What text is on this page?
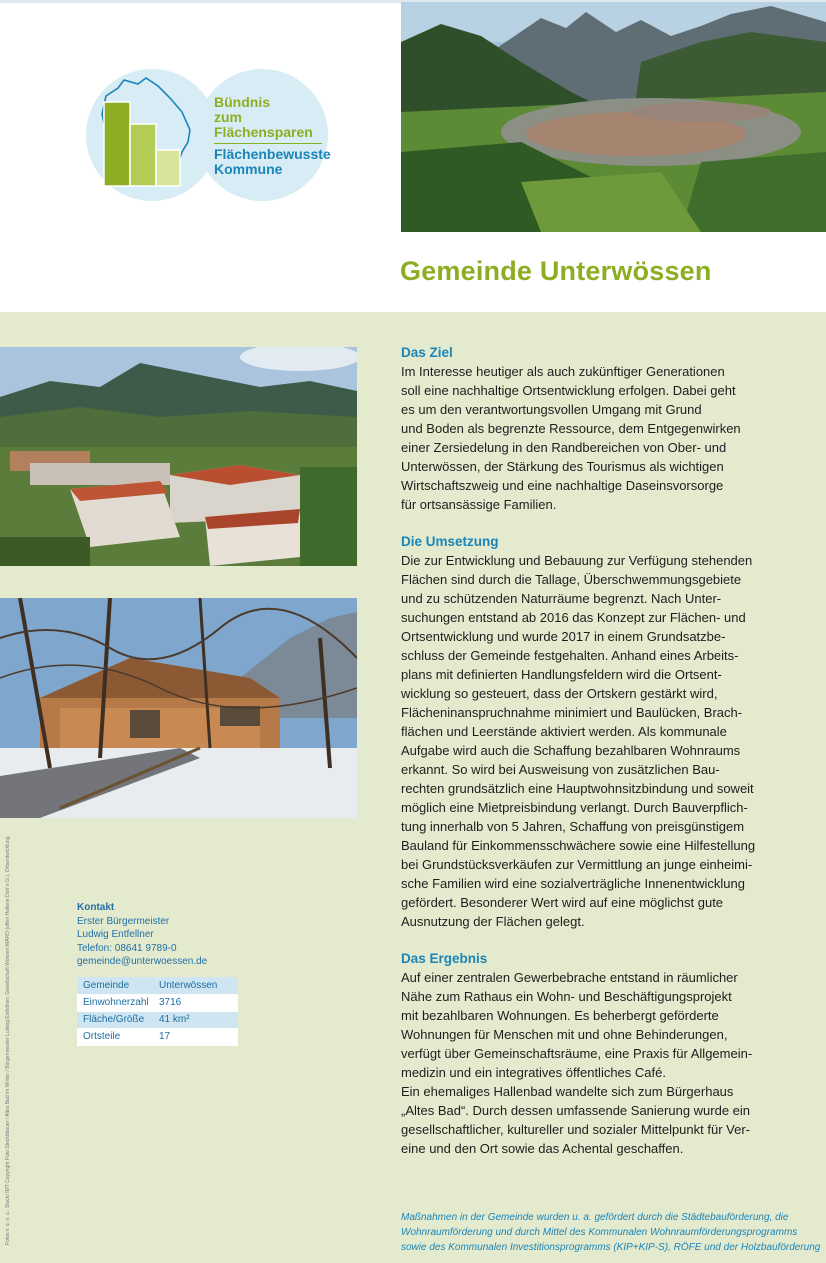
Bündnis
zum
Flächensparen
Flächenbewusste
Kommune
Gemeinde Unterwössen
Das Ziel
Im Interesse heutiger als auch zukünftiger Generationen
soll eine nachhaltige Ortsentwicklung erfolgen. Dabei geht
es um den verantwortungsvollen Umgang mit Grund
und Boden als begrenzte Ressource, dem Entgegenwirken
einer Zersiedelung in den Randbereichen von Ober- und
Unterwössen, der Stärkung des Tourismus als wichtigen
Wirtschaftszweig und eine nachhaltige Daseinsvorsorge
für ortsansässige Familien.
Die Umsetzung
Die zur Entwicklung und Bebauung zur Verfügung stehenden
Flächen sind durch die Tallage, Überschwemmungsgebiete
und zu schützenden Naturräume begrenzt. Nach Unter-
suchungen entstand ab 2016 das Konzept zur Flächen- und
Ortsentwicklung und wurde 2017 in einem Grundsatzbe-
schluss der Gemeinde festgehalten. Anhand eines Arbeits-
plans mit definierten Handlungsfeldern wird die Ortsent-
wicklung so gesteuert, dass der Ortskern gestärkt wird,
Flächeninanspruchnahme minimiert und Baulücken, Brach-
flächen und Leerstände aktiviert werden. Als kommunale
Aufgabe wird auch die Schaffung bezahlbaren Wohnraums
erkannt. So wird bei Ausweisung von zusätzlichen Bau-
rechten grundsätzlich eine Hauptwohnsitzbindung und soweit
möglich eine Mietpreisbindung verlangt. Durch Bauverpflich-
tung innerhalb von 5 Jahren, Schaffung von preisgünstigem
Bauland für Einkommensschwächere sowie eine Hilfestellung
bei Grundstücksverkäufen zur Vermittlung an junge einheimi-
sche Familien wird eine sozialverträgliche Innenentwicklung
gefördert. Besonderer Wert wird auf eine möglichst gute
Ausnutzung der Flächen gelegt.
Das Ergebnis
Auf einer zentralen Gewerbebrache entstand in räumlicher
Nähe zum Rathaus ein Wohn- und Beschäftigungsprojekt
mit bezahlbaren Wohnungen. Es beherbergt geförderte
Wohnungen für Menschen mit und ohne Behinderungen,
verfügt über Gemeinschaftsräume, eine Praxis für Allgemein-
medizin und ein integratives öffentliches Café.
Ein ehemaliges Hallenbad wandelte sich zum Bürgerhaus
„Altes Bad“. Durch dessen umfassende Sanierung wurde ein
gesellschaftlicher, kultureller und sozialer Mittelpunkt für Ver-
eine und den Ort sowie das Achental geschaffen.
Kontakt
Erster Bürgermeister
Ludwig Entfellner
Telefon: 08641 9789-0
gemeinde@unterwoessen.de
Gemeinde	Unterwössen
Einwohnerzahl	3716
Fläche/Größe	41 km²
Ortsteile	17
Fotos v. o. n. u.: Stock/ IMT Copyright Foto Steckbbauer / Altes Bad im Winter / Bürgermeister Ludwig Entfellner; Gesellschaft Wohnen MARO (offen Haltene Dorf e.G.), Ortsentwicklung	Maßnahmen in der Gemeinde wurden u. a. gefördert durch die Städtebauförderung, die
Wohnraumförderung und durch Mittel des Kommunalen Wohnraumförderungsprogramms
sowie des Kommunalen Investitionsprogramms (KIP+KIP-S), RÖFE und der Holzbauförderung
